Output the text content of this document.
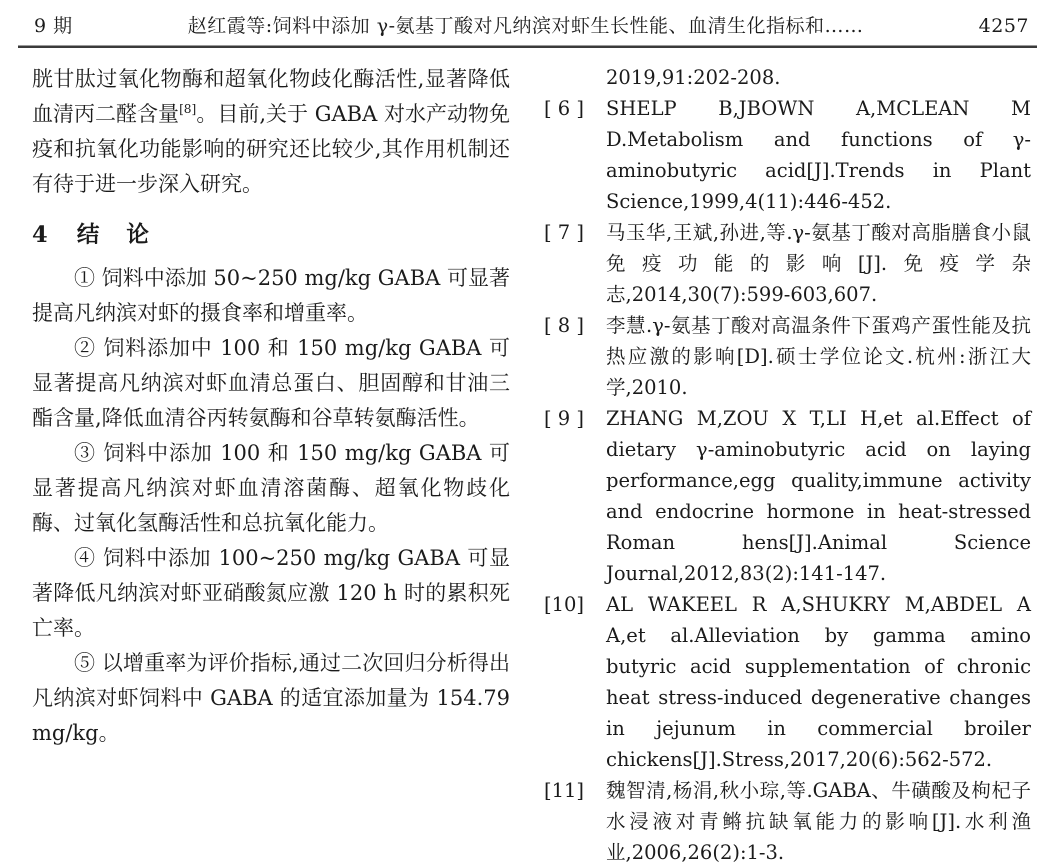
9 期	赵红霞等:饲料中添加 γ-氨基丁酸对凡纳滨对虾生长性能、血清生化指标和……	4257

胱甘肽过氧化物酶和超氧化物歧化酶活性,显著降低血清丙二醛含量[8]。目前,关于 GABA 对水产动物免疫和抗氧化功能影响的研究还比较少,其作用机制还有待于进一步深入研究。

4 结　论

① 饲料中添加 50~250 mg/kg GABA 可显著提高凡纳滨对虾的摄食率和增重率。

② 饲料添加中 100 和 150 mg/kg GABA 可显著提高凡纳滨对虾血清总蛋白、胆固醇和甘油三酯含量,降低血清谷丙转氨酶和谷草转氨酶活性。

③ 饲料中添加 100 和 150 mg/kg GABA 可显著提高凡纳滨对虾血清溶菌酶、超氧化物歧化酶、过氧化氢酶活性和总抗氧化能力。

④ 饲料中添加 100~250 mg/kg GABA 可显著降低凡纳滨对虾亚硝酸氮应激 120 h 时的累积死亡率。

⑤ 以增重率为评价指标,通过二次回归分析得出凡纳滨对虾饲料中 GABA 的适宜添加量为 154.79 mg/kg。

2019,91:202-208.

[ 6 ]	SHELP B,JBOWN A,MCLEAN M D.Metabolism and functions of γ-aminobutyric acid[J].Trends in Plant Science,1999,4(11):446-452.
[ 7 ]	马玉华,王斌,孙进,等.γ-氨基丁酸对高脂膳食小鼠免疫功能的影响[J].免疫学杂志,2014,30(7):599-603,607.
[ 8 ]	李慧.γ-氨基丁酸对高温条件下蛋鸡产蛋性能及抗热应激的影响[D].硕士学位论文.杭州:浙江大学,2010.
[ 9 ]	ZHANG M,ZOU X T,LI H,et al.Effect of dietary γ-aminobutyric acid on laying performance,egg quality,immune activity and endocrine hormone in heat-stressed Roman hens[J].Animal Science Journal,2012,83(2):141-147.
[10]	AL WAKEEL R A,SHUKRY M,ABDEL A A,et al.Alleviation by gamma amino butyric acid supplementation of chronic heat stress-induced degenerative changes in jejunum in commercial broiler chickens[J].Stress,2017,20(6):562-572.
[11]	魏智清,杨涓,秋小琮,等.GABA、牛磺酸及枸杞子水浸液对青鳉抗缺氧能力的影响[J].水利渔业,2006,26(2):1-3.
